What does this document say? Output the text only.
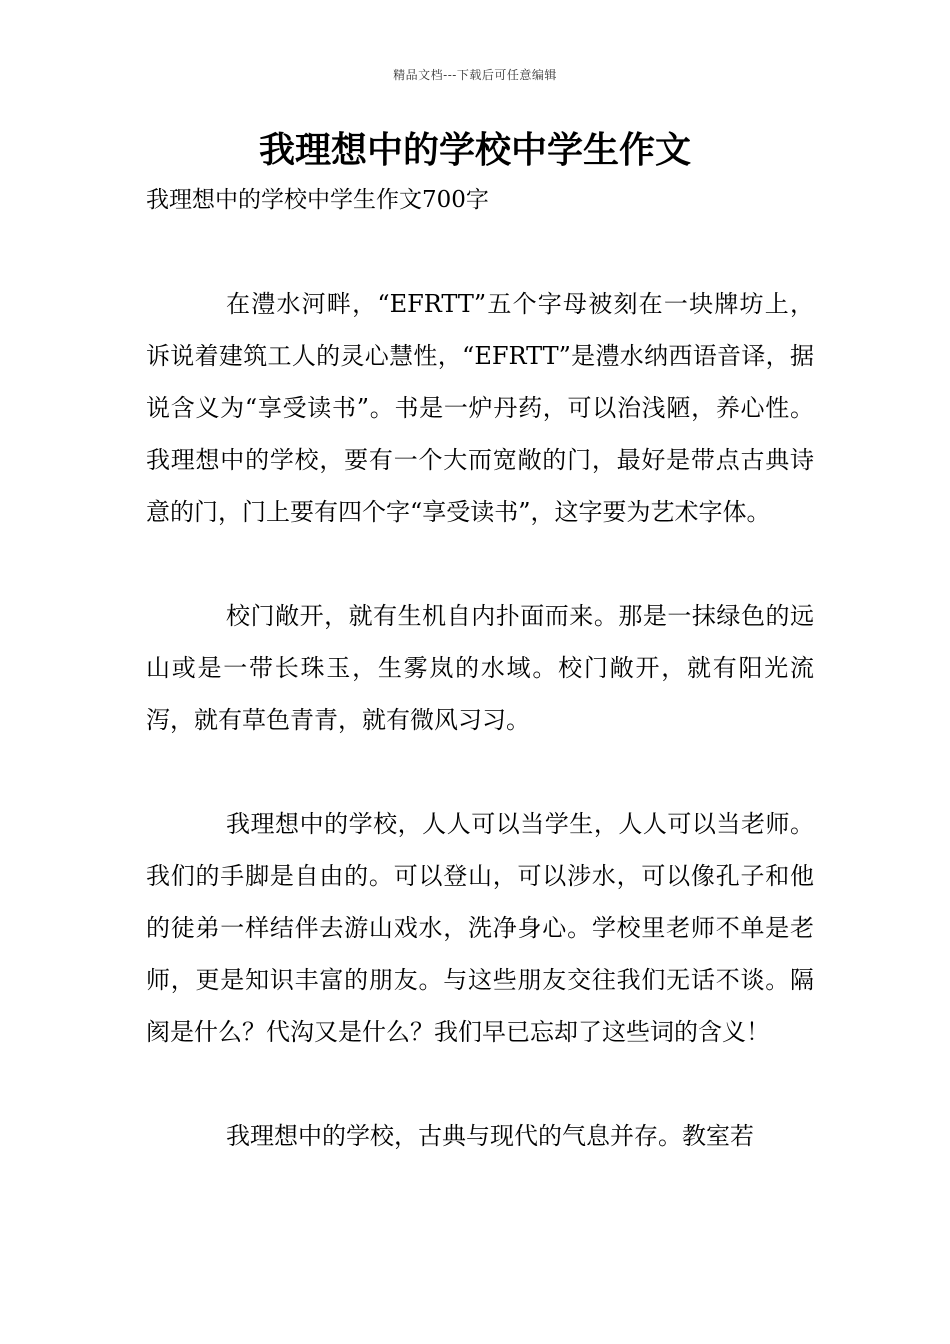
精品文档---下载后可任意编辑
我理想中的学校中学生作文

我理想中的学校中学生作文700字

在澧水河畔，“EFRTT”五个字母被刻在一块牌坊上，诉说着建筑工人的灵心慧性，“EFRTT”是澧水纳西语音译，据说含义为“享受读书”。书是一炉丹药，可以治浅陋，养心性。我理想中的学校，要有一个大而宽敞的门，最好是带点古典诗意的门，门上要有四个字“享受读书”，这字要为艺术字体。

校门敞开，就有生机自内扑面而来。那是一抹绿色的远山或是一带长珠玉，生雾岚的水域。校门敞开，就有阳光流泻，就有草色青青，就有微风习习。

我理想中的学校，人人可以当学生，人人可以当老师。我们的手脚是自由的。可以登山，可以涉水，可以像孔子和他的徒弟一样结伴去游山戏水，洗净身心。学校里老师不单是老师，更是知识丰富的朋友。与这些朋友交往我们无话不谈。隔阂是什么？代沟又是什么？我们早已忘却了这些词的含义！

我理想中的学校，古典与现代的气息并存。教室若
